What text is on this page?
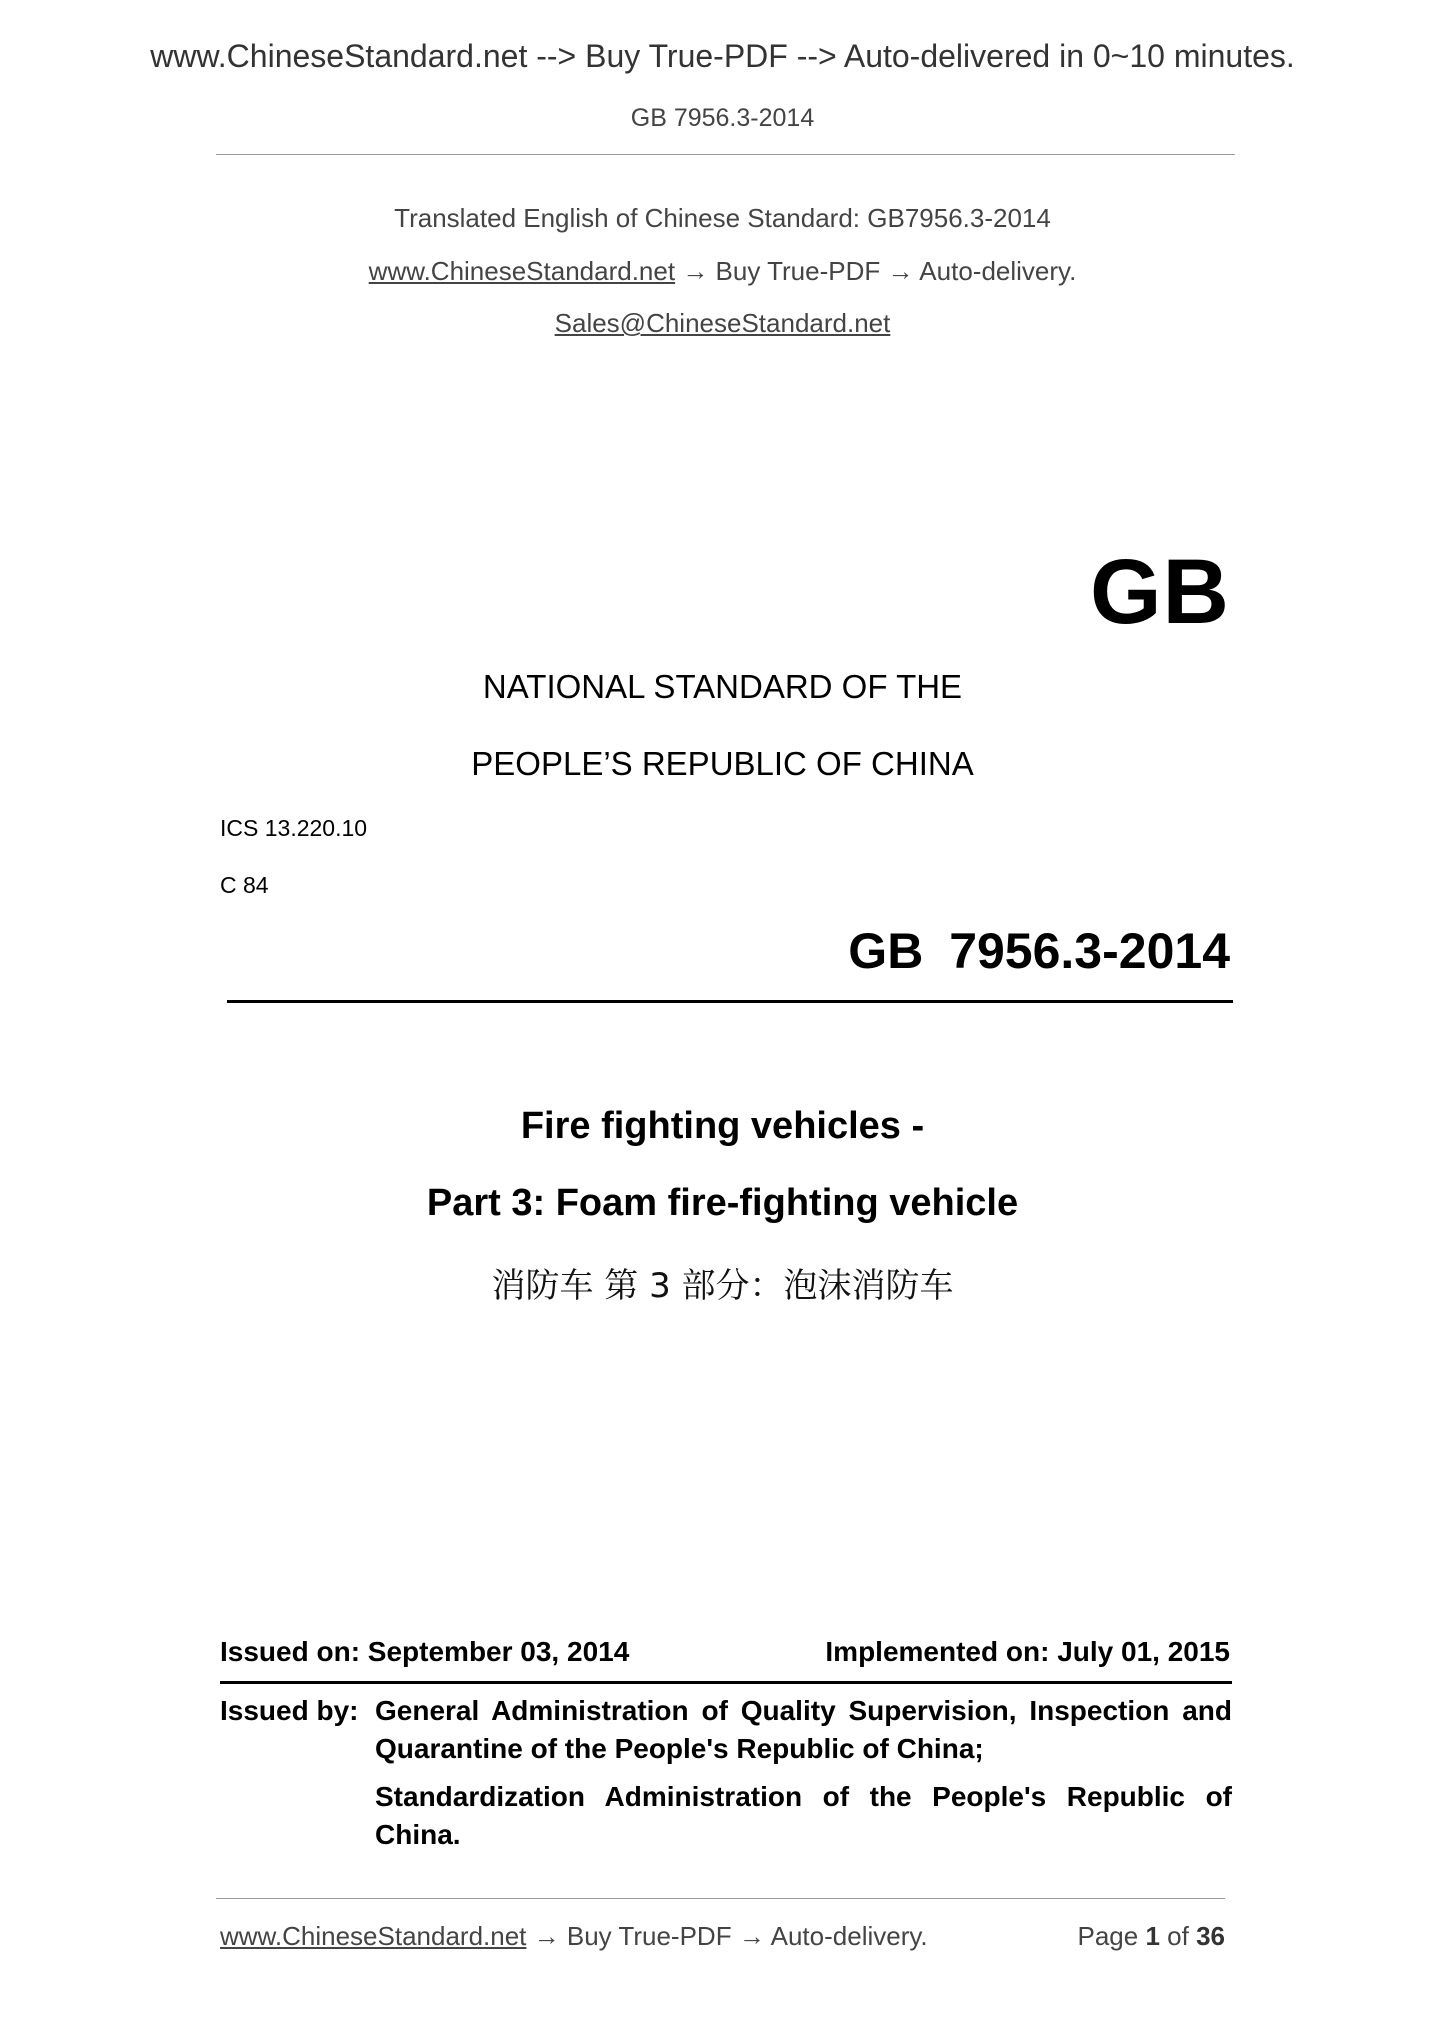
www.ChineseStandard.net --> Buy True-PDF --> Auto-delivered in 0~10 minutes.
GB 7956.3-2014
Translated English of Chinese Standard: GB7956.3-2014
www.ChineseStandard.net → Buy True-PDF → Auto-delivery.
Sales@ChineseStandard.net
GB
NATIONAL STANDARD OF THE
PEOPLE’S REPUBLIC OF CHINA
ICS 13.220.10
C 84
GB 7956.3-2014
Fire fighting vehicles -
Part 3: Foam fire-fighting vehicle
消防车 第 3 部分：泡沫消防车
Issued on: September 03, 2014	Implemented on: July 01, 2015
Issued by: General Administration of Quality Supervision, Inspection and Quarantine of the People's Republic of China;

Standardization Administration of the People's Republic of China.

www.ChineseStandard.net → Buy True-PDF → Auto-delivery.	Page 1 of 36
